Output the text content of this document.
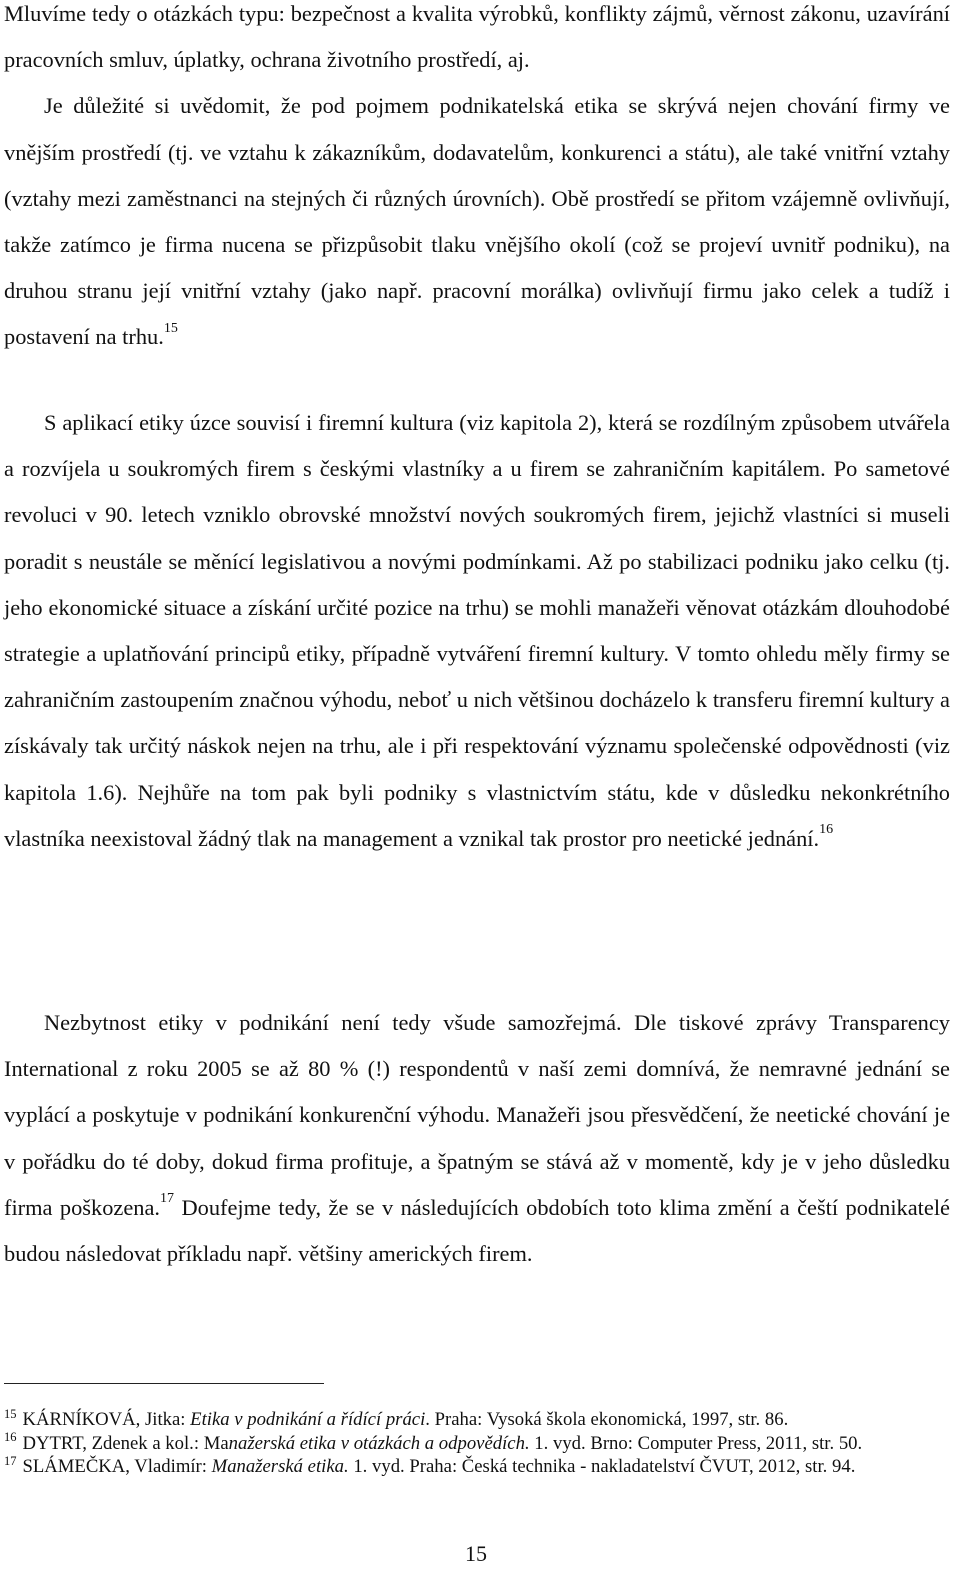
Mluvíme tedy o otázkách typu: bezpečnost a kvalita výrobků, konflikty zájmů, věrnost zákonu, uzavírání pracovních smluv, úplatky, ochrana životního prostředí, aj.
Je důležité si uvědomit, že pod pojmem podnikatelská etika se skrývá nejen chování firmy ve vnějším prostředí (tj. ve vztahu k zákazníkům, dodavatelům, konkurenci a státu), ale také vnitřní vztahy (vztahy mezi zaměstnanci na stejných či různých úrovních). Obě prostředí se přitom vzájemně ovlivňují, takže zatímco je firma nucena se přizpůsobit tlaku vnějšího okolí (což se projeví uvnitř podniku), na druhou stranu její vnitřní vztahy (jako např. pracovní morálka) ovlivňují firmu jako celek a tudíž i postavení na trhu.$^{15}$

S aplikací etiky úzce souvisí i firemní kultura (viz kapitola 2), která se rozdílným způsobem utvářela a rozvíjela u soukromých firem s českými vlastníky a u firem se zahraničním kapitálem. Po sametové revoluci v 90. letech vzniklo obrovské množství nových soukromých firem, jejichž vlastníci si museli poradit s neustále se měnící legislativou a novými podmínkami. Až po stabilizaci podniku jako celku (tj. jeho ekonomické situace a získání určité pozice na trhu) se mohli manažeři věnovat otázkám dlouhodobé strategie a uplatňování principů etiky, případně vytváření firemní kultury. V tomto ohledu měly firmy se zahraničním zastoupením značnou výhodu, neboť u nich většinou docházelo k transferu firemní kultury a získávaly tak určitý náskok nejen na trhu, ale i při respektování významu společenské odpovědnosti (viz kapitola 1.6). Nejhůře na tom pak byli podniky s vlastnictvím státu, kde v důsledku nekonkrétního vlastníka neexistoval žádný tlak na management a vznikal tak prostor pro neetické jednání.$^{16}$

Nezbytnost etiky v podnikání není tedy všude samozřejmá. Dle tiskové zprávy Transparency International z roku 2005 se až 80 % (!) respondentů v naší zemi domnívá, že nemravné jednání se vyplácí a poskytuje v podnikání konkurenční výhodu. Manažeři jsou přesvědčení, že neetické chování je v pořádku do té doby, dokud firma profituje, a špatným se stává až v momentě, kdy je v jeho důsledku firma poškozena.$^{17}$ Doufejme tedy, že se v následujících obdobích toto klima změní a čeští podnikatelé budou následovat příkladu např. většiny amerických firem.

$^{15}$ KÁRNÍKOVÁ, Jitka: Etika v podnikání a řídící práci. Praha: Vysoká škola ekonomická, 1997, str. 86.

$^{16}$ DYTRT, Zdenek a kol.: Manažerská etika v otázkách a odpovědích. 1. vyd. Brno: Computer Press, 2011, str. 50.

$^{17}$ SLÁMEČKA, Vladimír: Manažerská etika. 1. vyd. Praha: Česká technika - nakladatelství ČVUT, 2012, str. 94.

15
